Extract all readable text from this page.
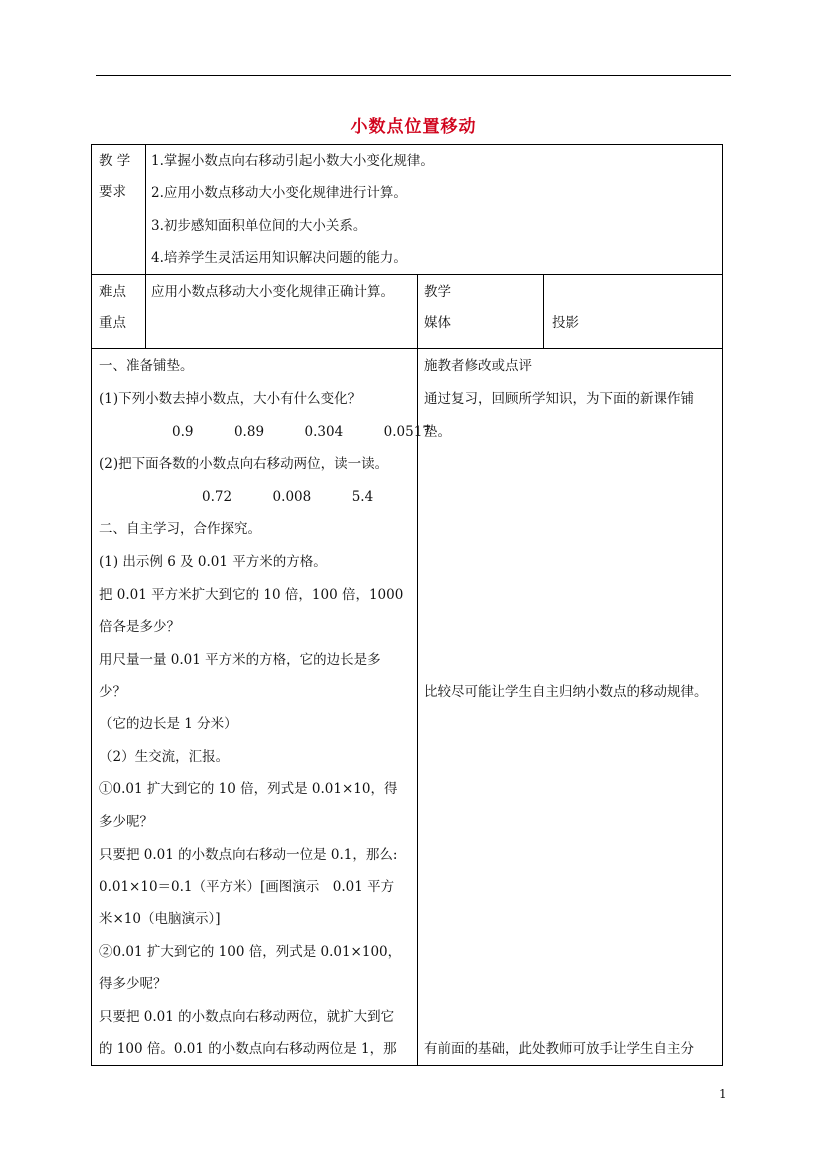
小数点位置移动
教 学
要求
1.掌握小数点向右移动引起小数大小变化规律。
2.应用小数点移动大小变化规律进行计算。
3.初步感知面积单位间的大小关系。
4.培养学生灵活运用知识解决问题的能力。
难点
重点
应用小数点移动大小变化规律正确计算。 教学
媒体	投影
一、准备铺垫。
(1)下列小数去掉小数点，大小有什么变化？
0.9　　　0.89　　　0.304　　　0.0517
(2)把下面各数的小数点向右移动两位，读一读。
0.72　　　0.008　　　5.4
二、自主学习，合作探究。
(1) 出示例 6 及 0.01 平方米的方格。
把 0.01 平方米扩大到它的 10 倍，100 倍，1000
倍各是多少？
用尺量一量 0.01 平方米的方格，它的边长是多
少？
（它的边长是 1 分米）
（2）生交流，汇报。
①0.01 扩大到它的 10 倍，列式是 0.01×10，得
多少呢？
只要把 0.01 的小数点向右移动一位是 0.1，那么:
0.01×10＝0.1（平方米）[画图演示　0.01 平方
米×10（电脑演示）]
②0.01 扩大到它的 100 倍，列式是 0.01×100，
得多少呢？
只要把 0.01 的小数点向右移动两位，就扩大到它
的 100 倍。0.01 的小数点向右移动两位是 1，那
施教者修改或点评
通过复习，回顾所学知识，为下面的新课作铺
垫。
比较尽可能让学生自主归纳小数点的移动规律。
有前面的基础，此处教师可放手让学生自主分
1
